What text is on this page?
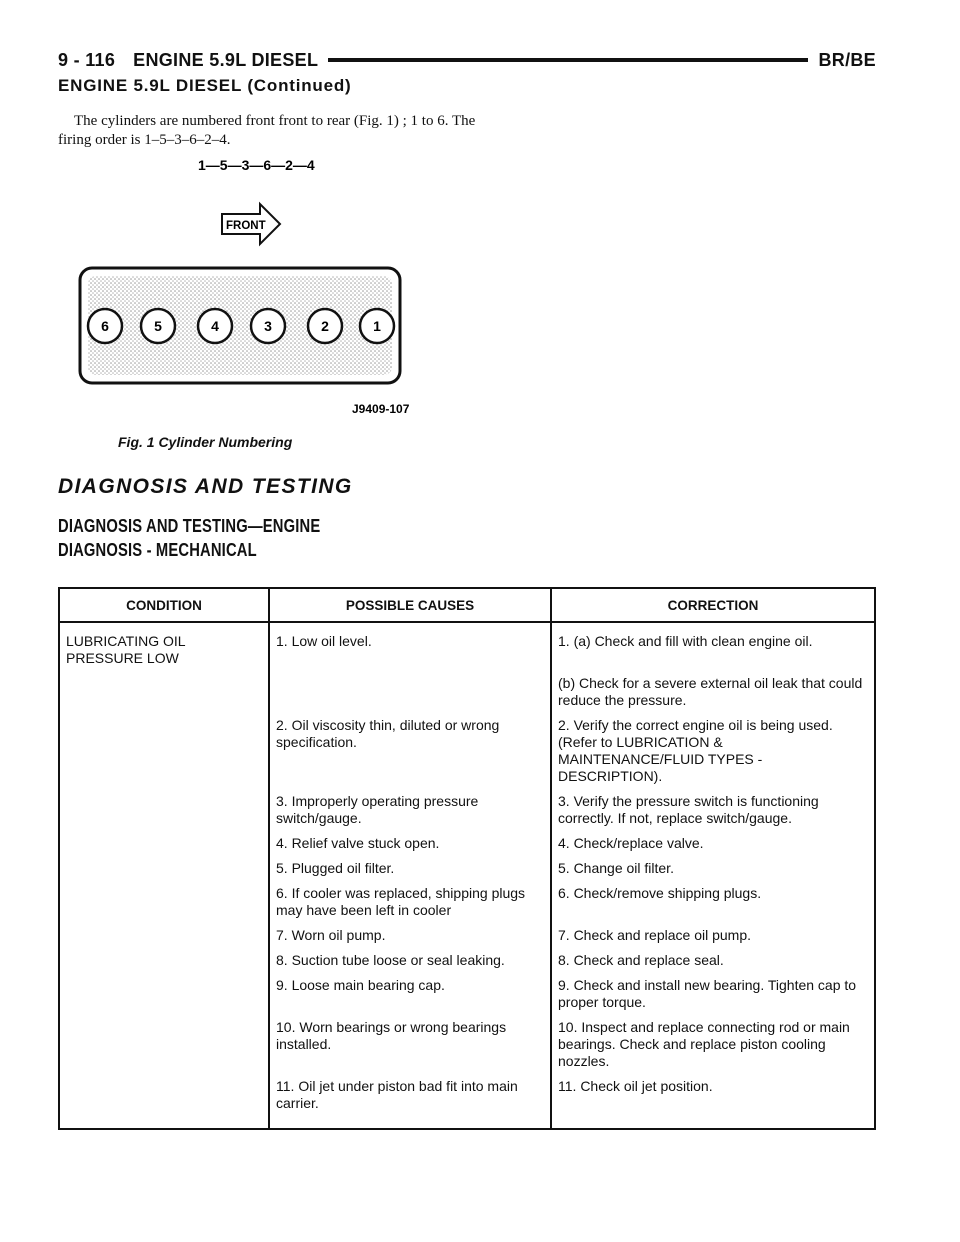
9 - 116 ENGINE 5.9L DIESEL	BR/BE
ENGINE 5.9L DIESEL (Continued)

The cylinders are numbered front front to rear (Fig. 1) ; 1 to 6. The firing order is 1–5–3–6–2–4.

1—5—3—6—2—4
FRONT
6	5	4	3	2	1
J9409-107
Fig. 1 Cylinder Numbering
DIAGNOSIS AND TESTING
DIAGNOSIS AND TESTING—ENGINE
DIAGNOSIS - MECHANICAL
CONDITION	POSSIBLE CAUSES	CORRECTION
LUBRICATING OIL PRESSURE LOW	1. Low oil level.	1. (a) Check and fill with clean engine oil.
		(b) Check for a severe external oil leak that could reduce the pressure.
	2. Oil viscosity thin, diluted or wrong specification.	2. Verify the correct engine oil is being used. (Refer to LUBRICATION & MAINTENANCE/FLUID TYPES - DESCRIPTION).
	3. Improperly operating pressure switch/gauge.	3. Verify the pressure switch is functioning correctly. If not, replace switch/gauge.
	4. Relief valve stuck open.	4. Check/replace valve.
	5. Plugged oil filter.	5. Change oil filter.
	6. If cooler was replaced, shipping plugs may have been left in cooler	6. Check/remove shipping plugs.
	7. Worn oil pump.	7. Check and replace oil pump.
	8. Suction tube loose or seal leaking.	8. Check and replace seal.
	9. Loose main bearing cap.	9. Check and install new bearing. Tighten cap to proper torque.
	10. Worn bearings or wrong bearings installed.	10. Inspect and replace connecting rod or main bearings. Check and replace piston cooling nozzles.
	11. Oil jet under piston bad fit into main carrier.	11. Check oil jet position.
